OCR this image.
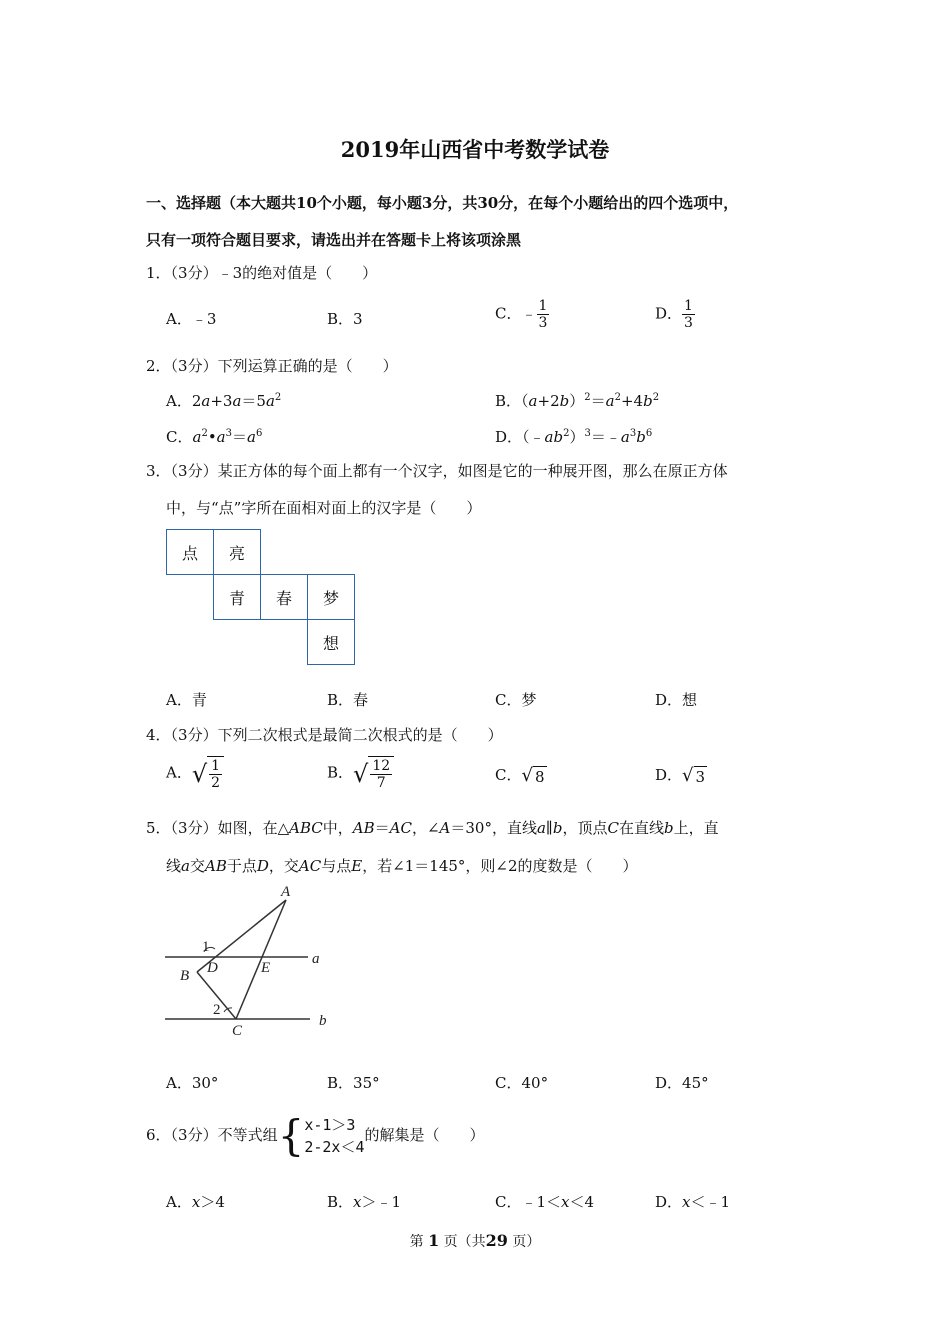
2019年山西省中考数学试卷
一、选择题（本大题共10个小题，每小题3分，共30分，在每个小题给出的四个选项中，
只有一项符合题目要求，请选出并在答题卡上将该项涂黑
1．（3分）﹣3的绝对值是（　　）
A．﹣3	B．3	C．﹣ $\frac{1}{3}$	D． $\frac{1}{3}$
2．（3分）下列运算正确的是（　　）
A．$2a+3a=5a^2$	B．$(a+2b)^2=a^2+4b^2$
C．$a^2•a^3=a^6$	D．$(﹣ab^2)^3=﹣a^3b^6$
3．（3分）某正方体的每个面上都有一个汉字，如图是它的一种展开图，那么在原正方体
中，与“点”字所在面相对面上的汉字是（　　）
点	亮		
	青	春	梦
			想
A．青	B．春	C．梦	D．想
4．（3分）下列二次根式是最简二次根式的是（　　）
A． √ $\frac{1}{2}$	B． √ $\frac{12}{7}$	C． √ 8	D． √ 3
5．（3分）如图，在△ABC中，AB＝AC，∠A＝30°，直线a∥b，顶点C在直线b上，直
线a交AB于点D，交AC与点E，若∠1＝145°，则∠2的度数是（　　）
A
1
D	E
a
B
2
C
b
A．30°	B．35°	C．40°	D．45°
6．（3分）不等式组 { x-1＞3
2-2x＜4
的解集是（　　）
A．x＞4	B．x＞﹣1	C．﹣1＜x＜4	D．x＜﹣1
第 1 页（共29 页）
